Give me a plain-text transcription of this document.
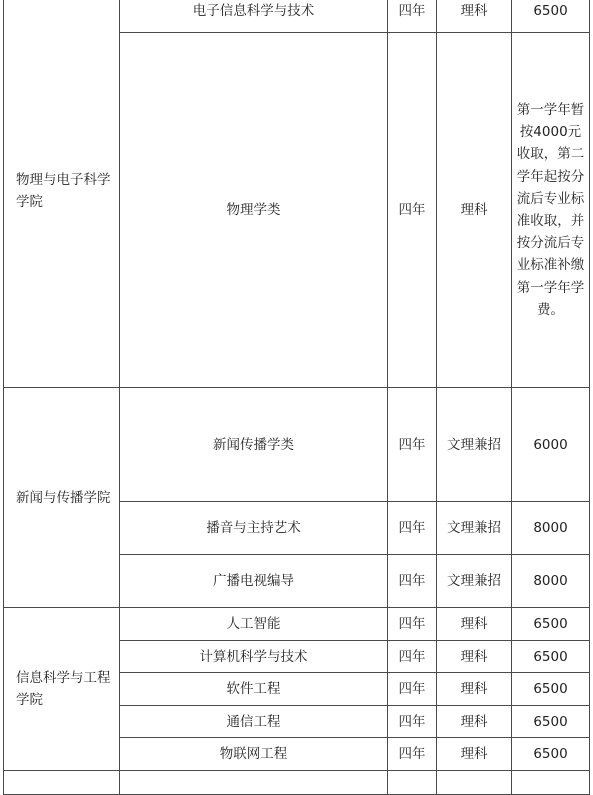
物理与电子科学学院	电子信息科学与技术	四年	理科	6500
	物理学类	四年	理科	第一学年暂按4000元收取，第二学年起按分流后专业标准收取，并按分流后专业标准补缴第一学年学费。
新闻与传播学院	新闻传播学类	四年	文理兼招	6000
	播音与主持艺术	四年	文理兼招	8000
	广播电视编导	四年	文理兼招	8000
信息科学与工程学院	人工智能	四年	理科	6500
	计算机科学与技术	四年	理科	6500
	软件工程	四年	理科	6500
	通信工程	四年	理科	6500
	物联网工程	四年	理科	6500
